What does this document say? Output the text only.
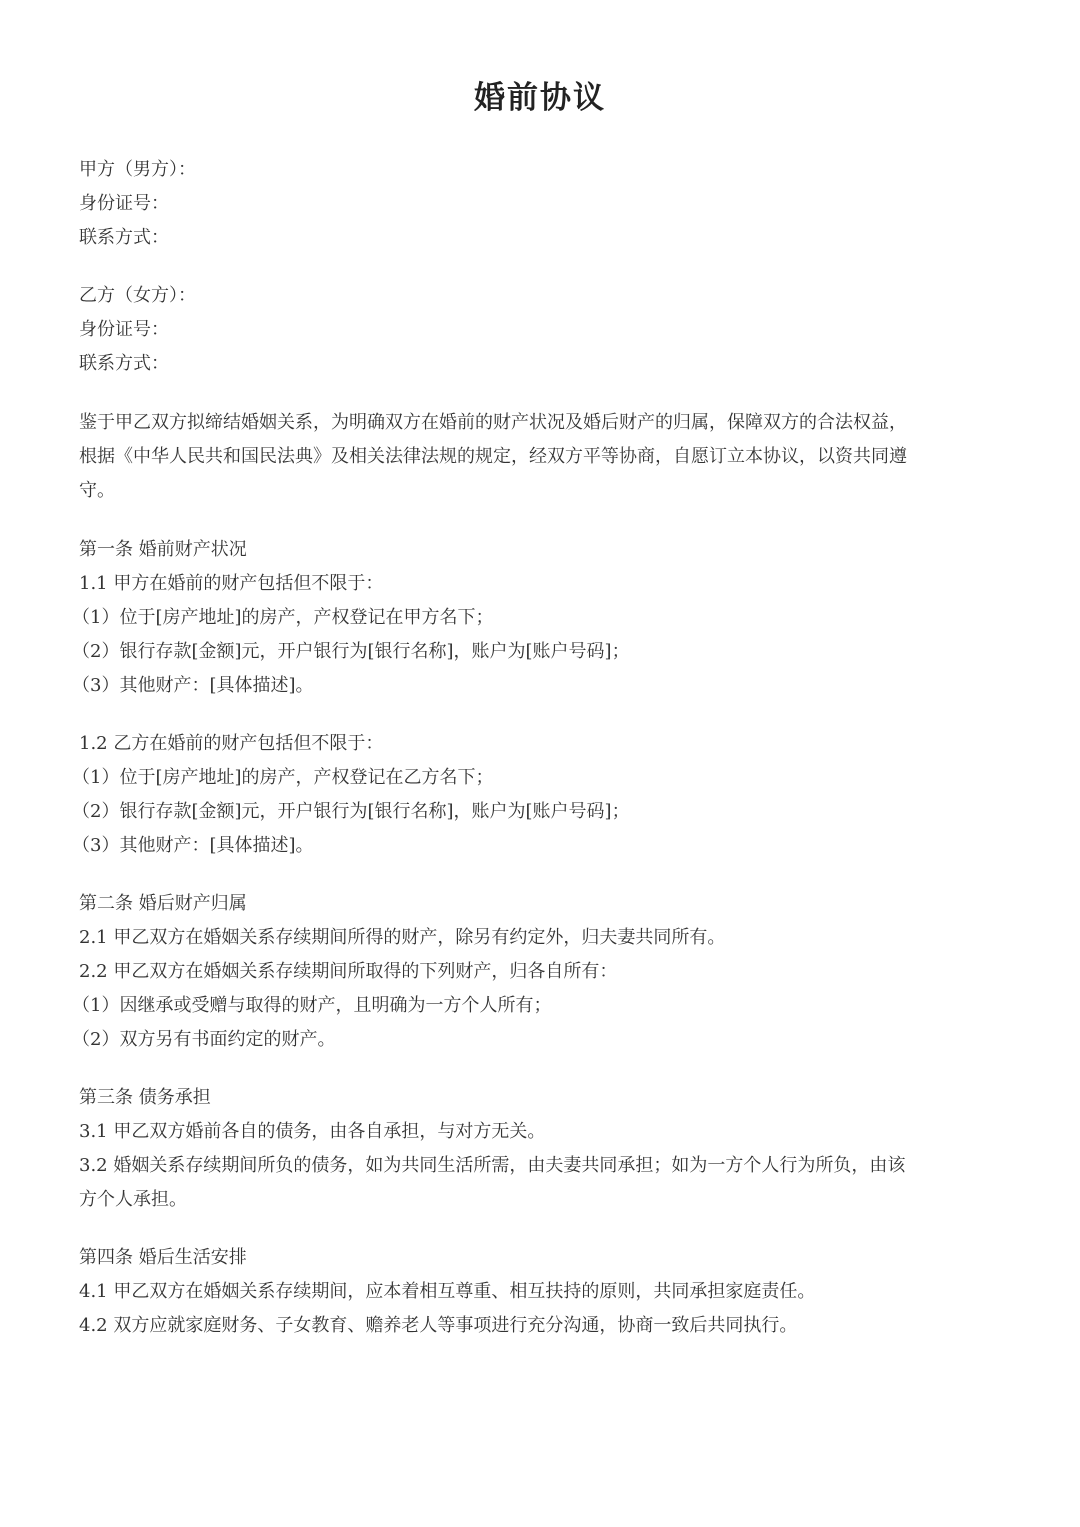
婚前协议
甲方（男方）：
身份证号：
联系方式：
乙方（女方）：
身份证号：
联系方式：
鉴于甲乙双方拟缔结婚姻关系，为明确双方在婚前的财产状况及婚后财产的归属，保障双方的合法权益，
根据《中华人民共和国民法典》及相关法律法规的规定，经双方平等协商，自愿订立本协议，以资共同遵
守。
第一条 婚前财产状况
1.1 甲方在婚前的财产包括但不限于：
（1）位于[房产地址]的房产，产权登记在甲方名下；
（2）银行存款[金额]元，开户银行为[银行名称]，账户为[账户号码]；
（3）其他财产：[具体描述]。
1.2 乙方在婚前的财产包括但不限于：
（1）位于[房产地址]的房产，产权登记在乙方名下；
（2）银行存款[金额]元，开户银行为[银行名称]，账户为[账户号码]；
（3）其他财产：[具体描述]。
第二条 婚后财产归属
2.1 甲乙双方在婚姻关系存续期间所得的财产，除另有约定外，归夫妻共同所有。
2.2 甲乙双方在婚姻关系存续期间所取得的下列财产，归各自所有：
（1）因继承或受赠与取得的财产，且明确为一方个人所有；
（2）双方另有书面约定的财产。
第三条 债务承担
3.1 甲乙双方婚前各自的债务，由各自承担，与对方无关。
3.2 婚姻关系存续期间所负的债务，如为共同生活所需，由夫妻共同承担；如为一方个人行为所负，由该
方个人承担。
第四条 婚后生活安排
4.1 甲乙双方在婚姻关系存续期间，应本着相互尊重、相互扶持的原则，共同承担家庭责任。
4.2 双方应就家庭财务、子女教育、赡养老人等事项进行充分沟通，协商一致后共同执行。
